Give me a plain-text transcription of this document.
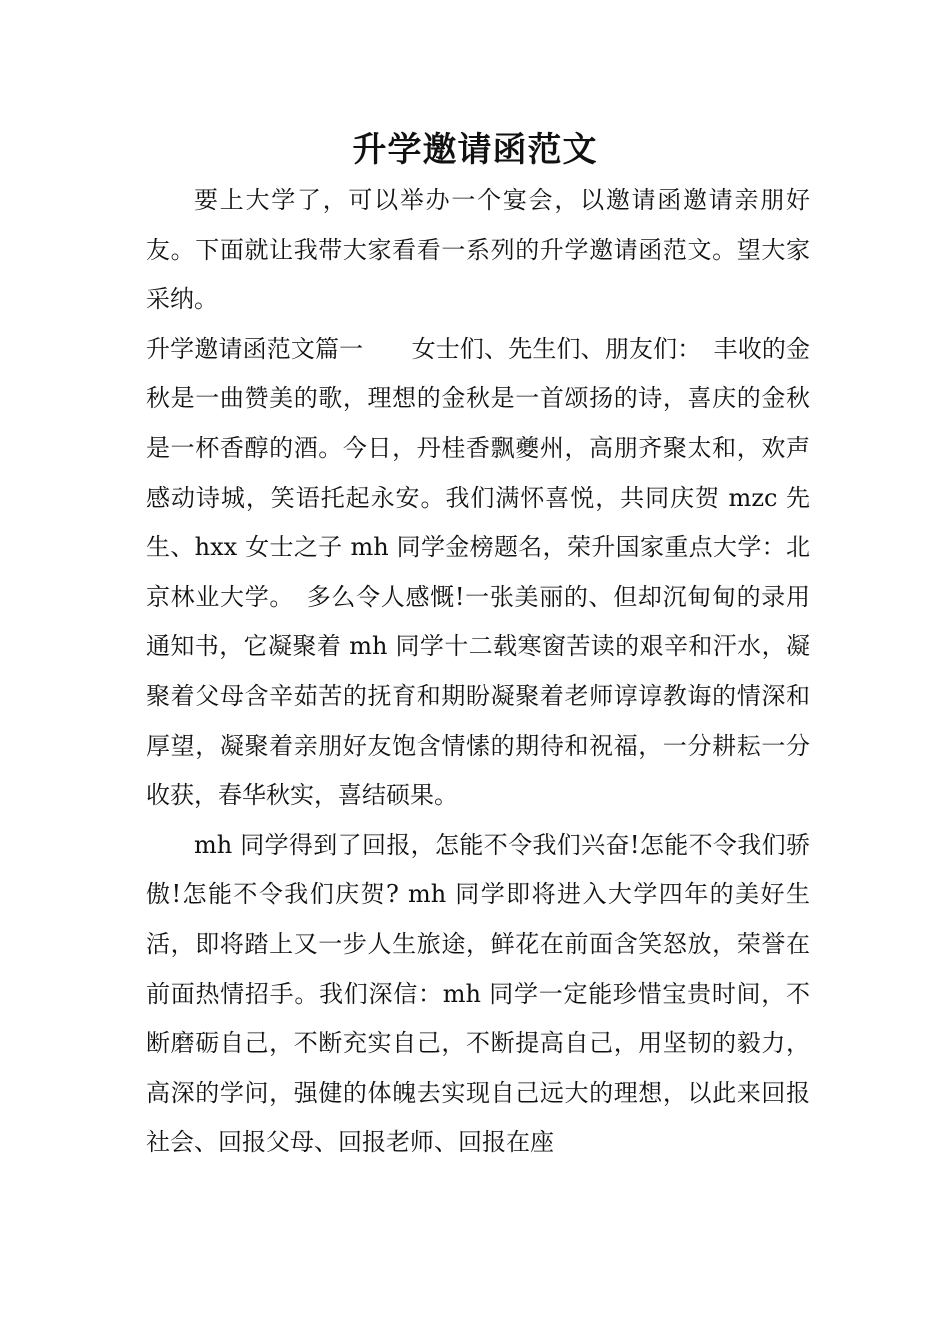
升学邀请函范文

要上大学了，可以举办一个宴会，以邀请函邀请亲朋好友。下面就让我带大家看看一系列的升学邀请函范文。望大家采纳。

升学邀请函范文篇一　　女士们、先生们、朋友们：　丰收的金秋是一曲赞美的歌，理想的金秋是一首颂扬的诗，喜庆的金秋是一杯香醇的酒。今日，丹桂香飘夔州，高朋齐聚太和，欢声感动诗城，笑语托起永安。我们满怀喜悦，共同庆贺 mzc 先生、hxx 女士之子 mh 同学金榜题名，荣升国家重点大学：北京林业大学。　多么令人感慨!一张美丽的、但却沉甸甸的录用通知书，它凝聚着 mh 同学十二载寒窗苦读的艰辛和汗水，凝聚着父母含辛茹苦的抚育和期盼凝聚着老师谆谆教诲的情深和厚望，凝聚着亲朋好友饱含情愫的期待和祝福，一分耕耘一分收获，春华秋实，喜结硕果。

mh 同学得到了回报，怎能不令我们兴奋!怎能不令我们骄傲!怎能不令我们庆贺? mh 同学即将进入大学四年的美好生活，即将踏上又一步人生旅途，鲜花在前面含笑怒放，荣誉在前面热情招手。我们深信：mh 同学一定能珍惜宝贵时间，不断磨砺自己，不断充实自己，不断提高自己，用坚韧的毅力，高深的学问，强健的体魄去实现自己远大的理想，以此来回报社会、回报父母、回报老师、回报在座
